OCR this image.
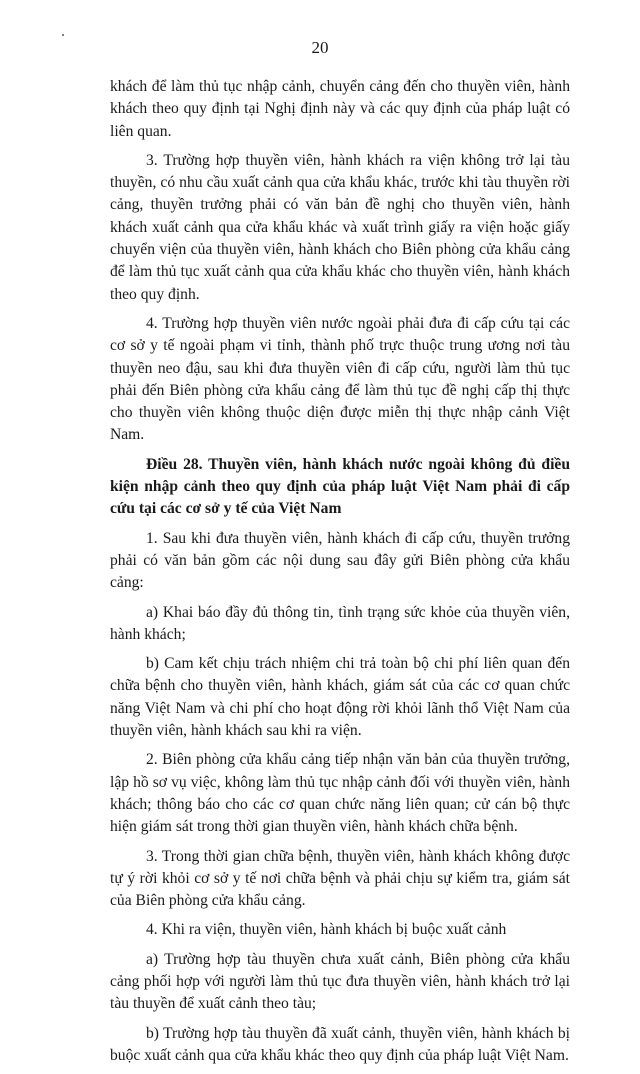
20

khách để làm thủ tục nhập cảnh, chuyển cảng đến cho thuyền viên, hành khách theo quy định tại Nghị định này và các quy định của pháp luật có liên quan.

3. Trường hợp thuyền viên, hành khách ra viện không trở lại tàu thuyền, có nhu cầu xuất cảnh qua cửa khẩu khác, trước khi tàu thuyền rời cảng, thuyền trưởng phải có văn bản đề nghị cho thuyền viên, hành khách xuất cảnh qua cửa khẩu khác và xuất trình giấy ra viện hoặc giấy chuyển viện của thuyền viên, hành khách cho Biên phòng cửa khẩu cảng để làm thủ tục xuất cảnh qua cửa khẩu khác cho thuyền viên, hành khách theo quy định.

4. Trường hợp thuyền viên nước ngoài phải đưa đi cấp cứu tại các cơ sở y tế ngoài phạm vi tỉnh, thành phố trực thuộc trung ương nơi tàu thuyền neo đậu, sau khi đưa thuyền viên đi cấp cứu, người làm thủ tục phải đến Biên phòng cửa khẩu cảng để làm thủ tục đề nghị cấp thị thực cho thuyền viên không thuộc diện được miễn thị thực nhập cảnh Việt Nam.

Điều 28. Thuyền viên, hành khách nước ngoài không đủ điều kiện nhập cảnh theo quy định của pháp luật Việt Nam phải đi cấp cứu tại các cơ sở y tế của Việt Nam

1. Sau khi đưa thuyền viên, hành khách đi cấp cứu, thuyền trưởng phải có văn bản gồm các nội dung sau đây gửi Biên phòng cửa khẩu cảng:

a) Khai báo đầy đủ thông tin, tình trạng sức khỏe của thuyền viên, hành khách;

b) Cam kết chịu trách nhiệm chi trả toàn bộ chi phí liên quan đến chữa bệnh cho thuyền viên, hành khách, giám sát của các cơ quan chức năng Việt Nam và chi phí cho hoạt động rời khỏi lãnh thổ Việt Nam của thuyền viên, hành khách sau khi ra viện.

2. Biên phòng cửa khẩu cảng tiếp nhận văn bản của thuyền trưởng, lập hồ sơ vụ việc, không làm thủ tục nhập cảnh đối với thuyền viên, hành khách; thông báo cho các cơ quan chức năng liên quan; cử cán bộ thực hiện giám sát trong thời gian thuyền viên, hành khách chữa bệnh.

3. Trong thời gian chữa bệnh, thuyền viên, hành khách không được tự ý rời khỏi cơ sở y tế nơi chữa bệnh và phải chịu sự kiểm tra, giám sát của Biên phòng cửa khẩu cảng.

4. Khi ra viện, thuyền viên, hành khách bị buộc xuất cảnh

a) Trường hợp tàu thuyền chưa xuất cảnh, Biên phòng cửa khẩu cảng phối hợp với người làm thủ tục đưa thuyền viên, hành khách trở lại tàu thuyền để xuất cảnh theo tàu;

b) Trường hợp tàu thuyền đã xuất cảnh, thuyền viên, hành khách bị buộc xuất cảnh qua cửa khẩu khác theo quy định của pháp luật Việt Nam.
